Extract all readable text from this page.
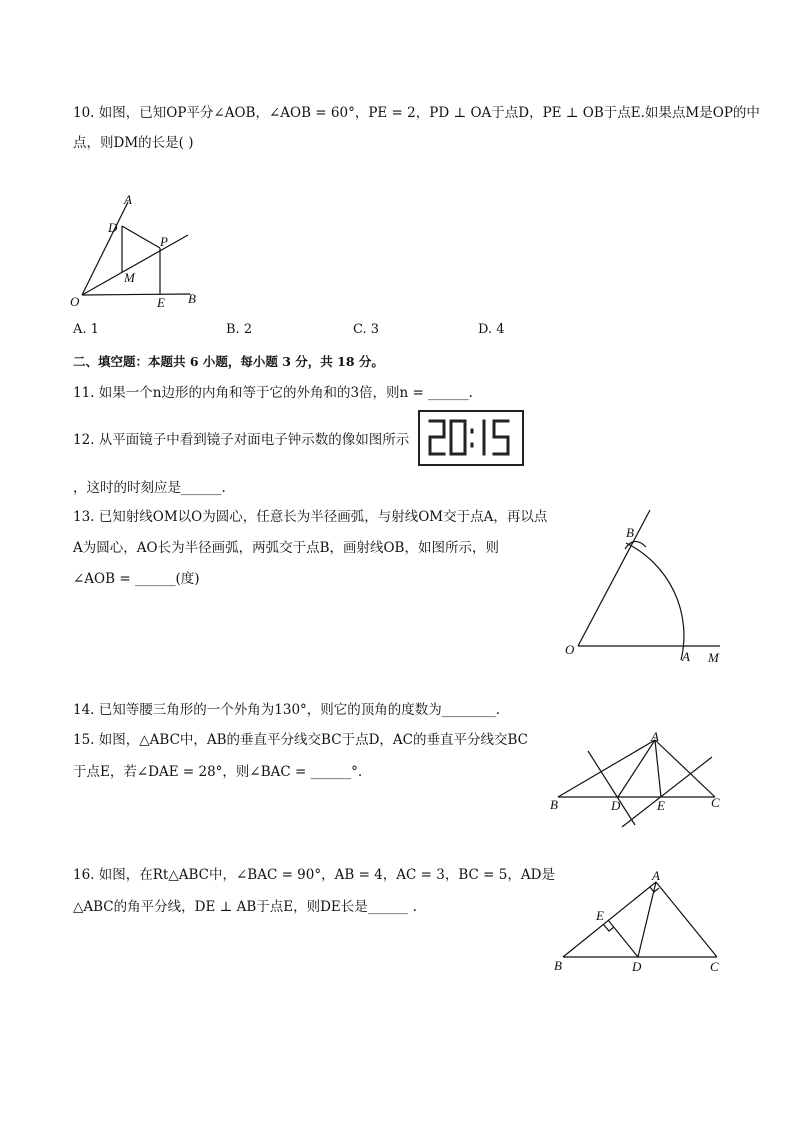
10. 如图，已知OP平分∠AOB，∠AOB = 60°，PE = 2，PD ⊥ OA于点D，PE ⊥ OB于点E.如果点M是OP的中
点，则DM的长是( )
A
D
P
M
O	E B
A. 1	B. 2	C. 3	D. 4
二、填空题：本题共 6 小题，每小题 3 分，共 18 分。
11. 如果一个n边形的内角和等于它的外角和的3倍，则n = ______.
12. 从平面镜子中看到镜子对面电子钟示数的像如图所示
，这时的时刻应是______.
13. 已知射线OM以O为圆心，任意长为半径画弧，与射线OM交于点A，再以点
A为圆心，AO长为半径画弧，两弧交于点B，画射线OB，如图所示，则
∠AOB = ______(度)
B
O	A M
14. 已知等腰三角形的一个外角为130°，则它的顶角的度数为________.
15. 如图，△ABC中，AB的垂直平分线交BC于点D，AC的垂直平分线交BC
于点E，若∠DAE = 28°，则∠BAC = ______°.
A
B	D	E	C
16. 如图，在Rt△ABC中，∠BAC = 90°，AB = 4，AC = 3，BC = 5，AD是
△ABC的角平分线，DE ⊥ AB于点E，则DE长是______ .
A
E
B	D	C
